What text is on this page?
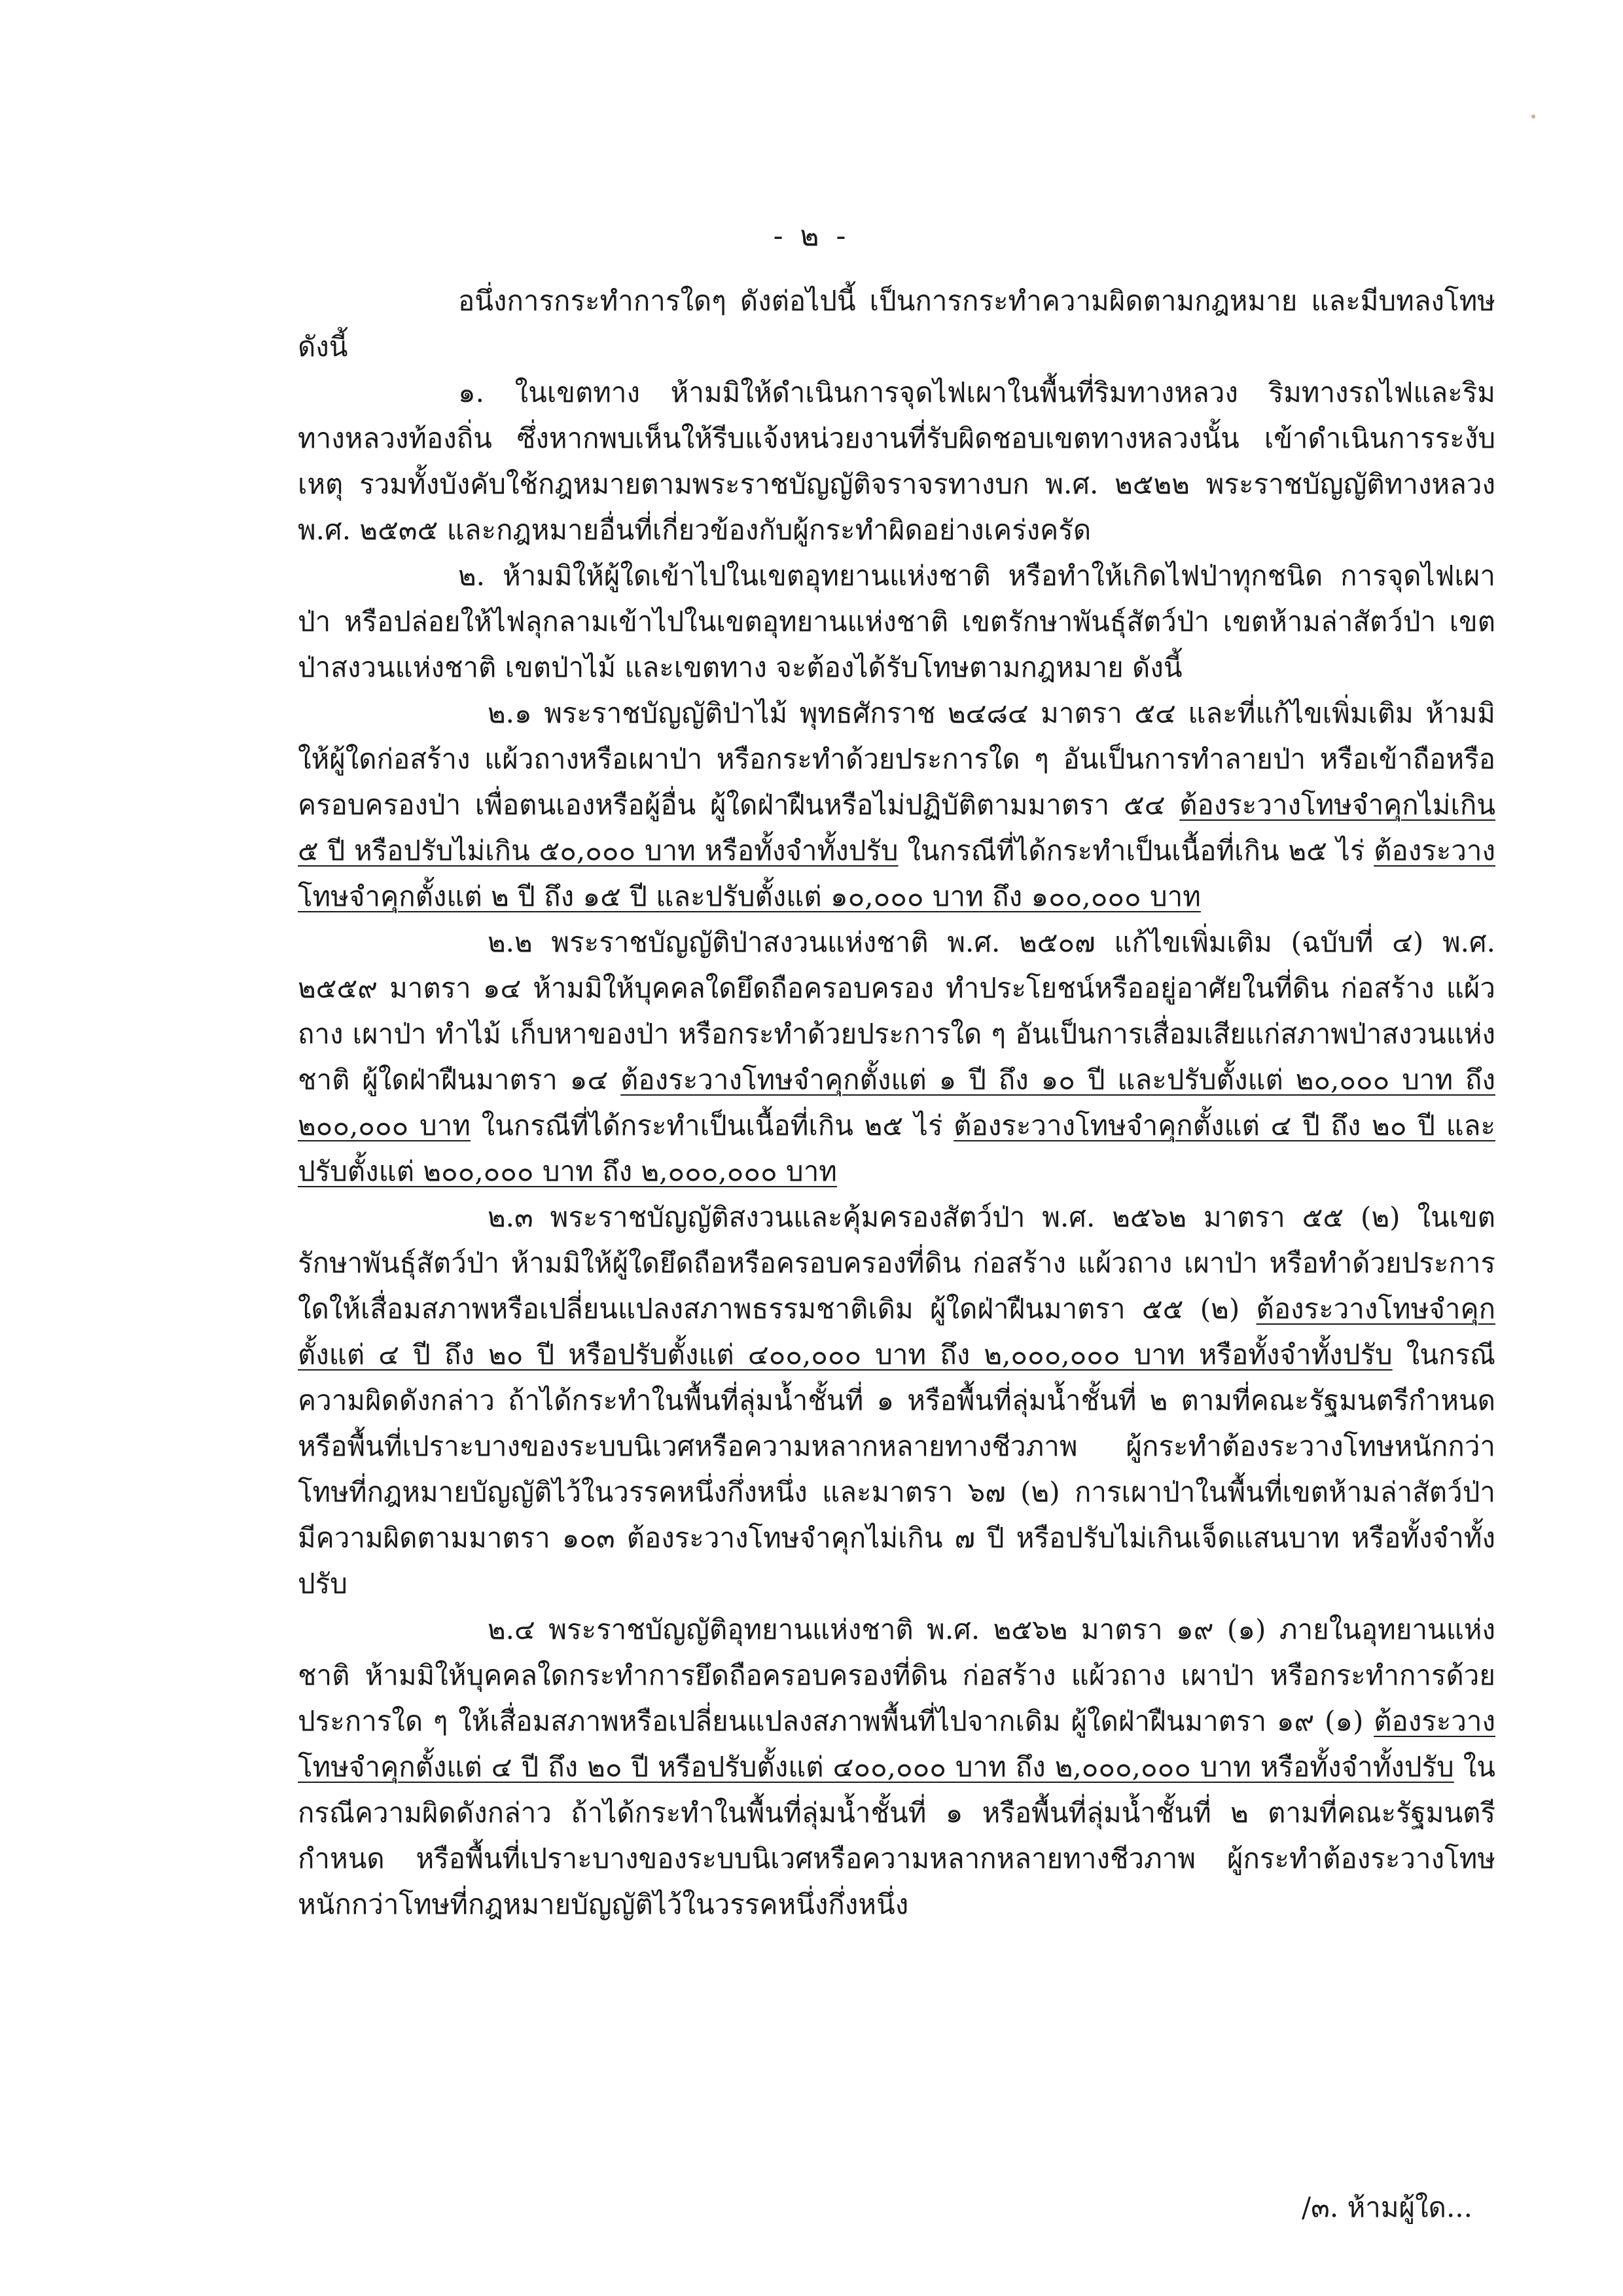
- ๒ -

อนึ่งการกระทำการใดๆ ดังต่อไปนี้ เป็นการกระทำความผิดตามกฎหมาย และมีบทลงโทษ ดังนี้

๑. ในเขตทาง ห้ามมิให้ดำเนินการจุดไฟเผาในพื้นที่ริมทางหลวง ริมทางรถไฟและริมทางหลวงท้องถิ่น ซึ่งหากพบเห็นให้รีบแจ้งหน่วยงานที่รับผิดชอบเขตทางหลวงนั้น เข้าดำเนินการระงับเหตุ รวมทั้งบังคับใช้กฎหมายตามพระราชบัญญัติจราจรทางบก พ.ศ. ๒๕๒๒ พระราชบัญญัติทางหลวง พ.ศ. ๒๕๓๕ และกฎหมายอื่นที่เกี่ยวข้องกับผู้กระทำผิดอย่างเคร่งครัด

๒. ห้ามมิให้ผู้ใดเข้าไปในเขตอุทยานแห่งชาติ หรือทำให้เกิดไฟป่าทุกชนิด การจุดไฟเผาป่า หรือปล่อยให้ไฟลุกลามเข้าไปในเขตอุทยานแห่งชาติ เขตรักษาพันธุ์สัตว์ป่า เขตห้ามล่าสัตว์ป่า เขตป่าสงวนแห่งชาติ เขตป่าไม้ และเขตทาง จะต้องได้รับโทษตามกฎหมาย ดังนี้

๒.๑ พระราชบัญญัติป่าไม้ พุทธศักราช ๒๔๘๔ มาตรา ๕๔ และที่แก้ไขเพิ่มเติม ห้ามมิให้ผู้ใดก่อสร้าง แผ้วถางหรือเผาป่า หรือกระทำด้วยประการใด ๆ อันเป็นการทำลายป่า หรือเข้าถือหรือครอบครองป่า เพื่อตนเองหรือผู้อื่น ผู้ใดฝ่าฝืนหรือไม่ปฏิบัติตามมาตรา ๕๔ ต้องระวางโทษจำคุกไม่เกิน ๕ ปี หรือปรับไม่เกิน ๕๐,๐๐๐ บาท หรือทั้งจำทั้งปรับ ในกรณีที่ได้กระทำเป็นเนื้อที่เกิน ๒๕ ไร่ ต้องระวางโทษจำคุกตั้งแต่ ๒ ปี ถึง ๑๕ ปี และปรับตั้งแต่ ๑๐,๐๐๐ บาท ถึง ๑๐๐,๐๐๐ บาท

๒.๒ พระราชบัญญัติป่าสงวนแห่งชาติ พ.ศ. ๒๕๐๗ แก้ไขเพิ่มเติม (ฉบับที่ ๔) พ.ศ. ๒๕๕๙ มาตรา ๑๔ ห้ามมิให้บุคคลใดยึดถือครอบครอง ทำประโยชน์หรืออยู่อาศัยในที่ดิน ก่อสร้าง แผ้วถาง เผาป่า ทำไม้ เก็บหาของป่า หรือกระทำด้วยประการใด ๆ อันเป็นการเสื่อมเสียแก่สภาพป่าสงวนแห่งชาติ ผู้ใดฝ่าฝืนมาตรา ๑๔ ต้องระวางโทษจำคุกตั้งแต่ ๑ ปี ถึง ๑๐ ปี และปรับตั้งแต่ ๒๐,๐๐๐ บาท ถึง ๒๐๐,๐๐๐ บาท ในกรณีที่ได้กระทำเป็นเนื้อที่เกิน ๒๕ ไร่ ต้องระวางโทษจำคุกตั้งแต่ ๔ ปี ถึง ๒๐ ปี และปรับตั้งแต่ ๒๐๐,๐๐๐ บาท ถึง ๒,๐๐๐,๐๐๐ บาท

๒.๓ พระราชบัญญัติสงวนและคุ้มครองสัตว์ป่า พ.ศ. ๒๕๖๒ มาตรา ๕๕ (๒) ในเขตรักษาพันธุ์สัตว์ป่า ห้ามมิให้ผู้ใดยึดถือหรือครอบครองที่ดิน ก่อสร้าง แผ้วถาง เผาป่า หรือทำด้วยประการใดให้เสื่อมสภาพหรือเปลี่ยนแปลงสภาพธรรมชาติเดิม ผู้ใดฝ่าฝืนมาตรา ๕๕ (๒) ต้องระวางโทษจำคุกตั้งแต่ ๔ ปี ถึง ๒๐ ปี หรือปรับตั้งแต่ ๔๐๐,๐๐๐ บาท ถึง ๒,๐๐๐,๐๐๐ บาท หรือทั้งจำทั้งปรับ ในกรณีความผิดดังกล่าว ถ้าได้กระทำในพื้นที่ลุ่มน้ำชั้นที่ ๑ หรือพื้นที่ลุ่มน้ำชั้นที่ ๒ ตามที่คณะรัฐมนตรีกำหนด หรือพื้นที่เปราะบางของระบบนิเวศหรือความหลากหลายทางชีวภาพ ผู้กระทำต้องระวางโทษหนักกว่าโทษที่กฎหมายบัญญัติไว้ในวรรคหนึ่งกึ่งหนึ่ง และมาตรา ๖๗ (๒) การเผาป่าในพื้นที่เขตห้ามล่าสัตว์ป่า มีความผิดตามมาตรา ๑๐๓ ต้องระวางโทษจำคุกไม่เกิน ๗ ปี หรือปรับไม่เกินเจ็ดแสนบาท หรือทั้งจำทั้งปรับ

๒.๔ พระราชบัญญัติอุทยานแห่งชาติ พ.ศ. ๒๕๖๒ มาตรา ๑๙ (๑) ภายในอุทยานแห่งชาติ ห้ามมิให้บุคคลใดกระทำการยึดถือครอบครองที่ดิน ก่อสร้าง แผ้วถาง เผาป่า หรือกระทำการด้วยประการใด ๆ ให้เสื่อมสภาพหรือเปลี่ยนแปลงสภาพพื้นที่ไปจากเดิม ผู้ใดฝ่าฝืนมาตรา ๑๙ (๑) ต้องระวางโทษจำคุกตั้งแต่ ๔ ปี ถึง ๒๐ ปี หรือปรับตั้งแต่ ๔๐๐,๐๐๐ บาท ถึง ๒,๐๐๐,๐๐๐ บาท หรือทั้งจำทั้งปรับ ในกรณีความผิดดังกล่าว ถ้าได้กระทำในพื้นที่ลุ่มน้ำชั้นที่ ๑ หรือพื้นที่ลุ่มน้ำชั้นที่ ๒ ตามที่คณะรัฐมนตรีกำหนด หรือพื้นที่เปราะบางของระบบนิเวศหรือความหลากหลายทางชีวภาพ ผู้กระทำต้องระวางโทษหนักกว่าโทษที่กฎหมายบัญญัติไว้ในวรรคหนึ่งกึ่งหนึ่ง

/๓. ห้ามผู้ใด...
